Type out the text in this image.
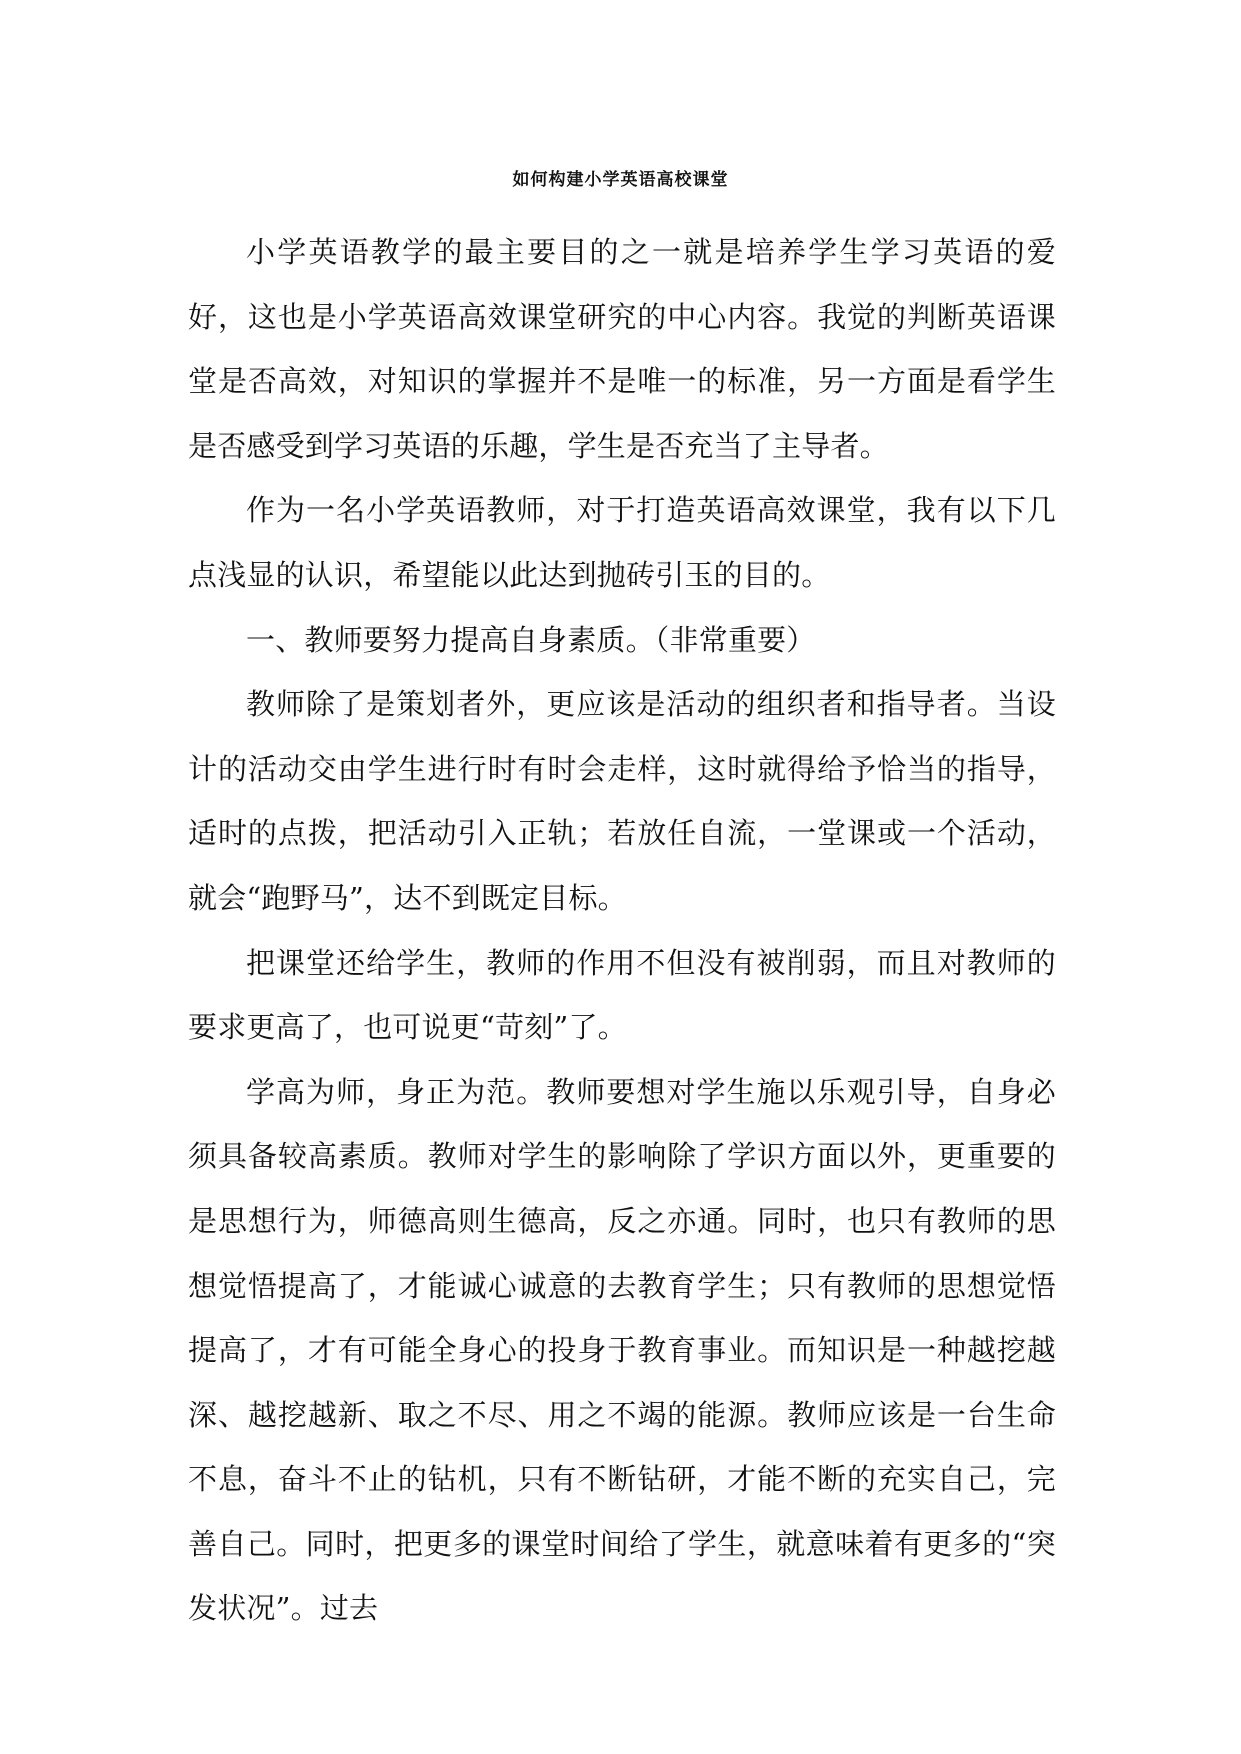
如何构建小学英语高校课堂

小学英语教学的最主要目的之一就是培养学生学习英语的爱好，这也是小学英语高效课堂研究的中心内容。我觉的判断英语课堂是否高效，对知识的掌握并不是唯一的标准，另一方面是看学生是否感受到学习英语的乐趣，学生是否充当了主导者。

作为一名小学英语教师，对于打造英语高效课堂，我有以下几点浅显的认识，希望能以此达到抛砖引玉的目的。

一、教师要努力提高自身素质。（非常重要）

教师除了是策划者外，更应该是活动的组织者和指导者。当设计的活动交由学生进行时有时会走样，这时就得给予恰当的指导，适时的点拨，把活动引入正轨；若放任自流，一堂课或一个活动，就会“跑野马”，达不到既定目标。

把课堂还给学生，教师的作用不但没有被削弱，而且对教师的要求更高了，也可说更“苛刻”了。

学高为师，身正为范。教师要想对学生施以乐观引导，自身必须具备较高素质。教师对学生的影响除了学识方面以外，更重要的是思想行为，师德高则生德高，反之亦通。同时，也只有教师的思想觉悟提高了，才能诚心诚意的去教育学生；只有教师的思想觉悟提高了，才有可能全身心的投身于教育事业。而知识是一种越挖越深、越挖越新、取之不尽、用之不竭的能源。教师应该是一台生命不息，奋斗不止的钻机，只有不断钻研，才能不断的充实自己，完善自己。同时，把更多的课堂时间给了学生，就意味着有更多的“突发状况”。过去
